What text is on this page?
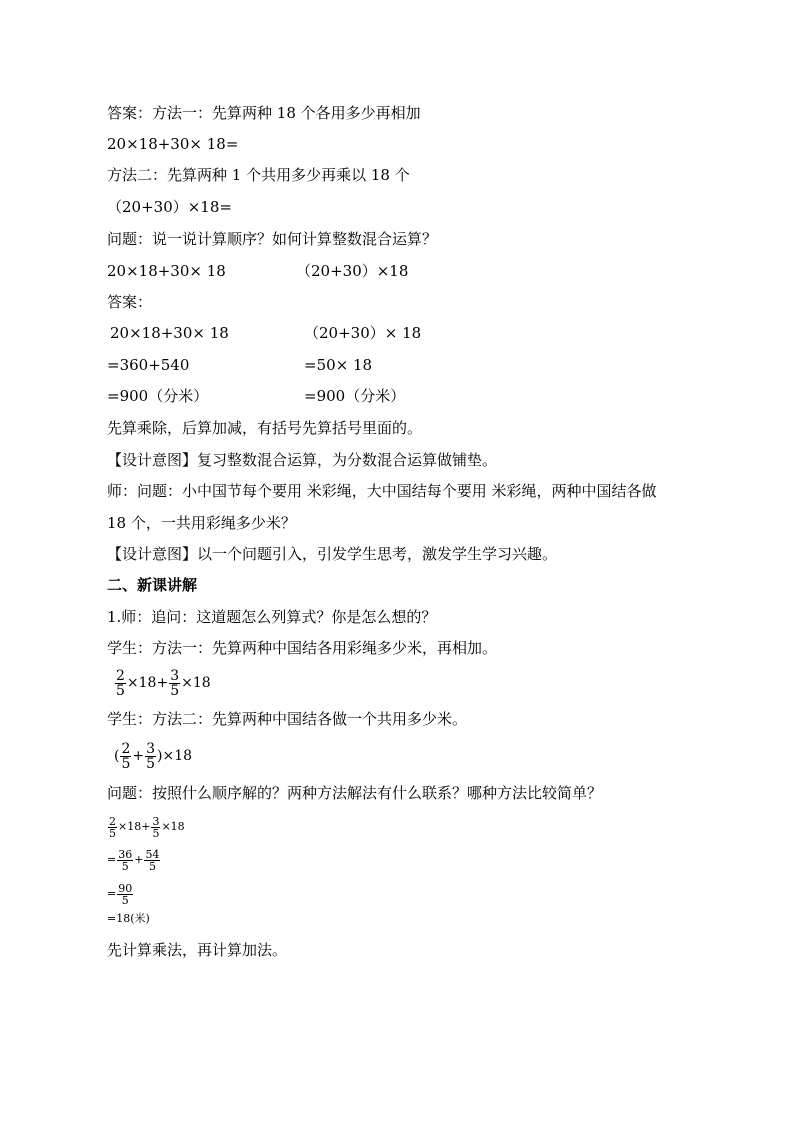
答案：方法一：先算两种 18 个各用多少再相加
20×18+30× 18=
方法二：先算两种 1 个共用多少再乘以 18 个
（20+30）×18=
问题：说一说计算顺序？如何计算整数混合运算？
20×18+30× 18	（20+30）×18
答案：
20×18+30× 18	（20+30）× 18
=360+540	=50× 18
=900（分米）	=900（分米）
先算乘除，后算加减，有括号先算括号里面的。
【设计意图】复习整数混合运算，为分数混合运算做铺垫。
师：问题：小中国节每个要用 米彩绳，大中国结每个要用 米彩绳，两种中国结各做
18 个，一共用彩绳多少米？
【设计意图】以一个问题引入，引发学生思考，激发学生学习兴趣。
二、新课讲解
1.师：追问：这道题怎么列算式？你是怎么想的？
学生：方法一：先算两种中国结各用彩绳多少米，再相加。
$\frac{2}{5} \times 18+ \frac{3}{5} \times 18$
学生：方法二：先算两种中国结各做一个共用多少米。
( $\frac{2}{5} + \frac{3}{5} )\times 18$
问题：按照什么顺序解的？两种方法解法有什么联系？哪种方法比较简单？
$\frac{2}{5} \times 18+ \frac{3}{5} \times 18$
= $\frac{36}{5} + \frac{54}{5}$
= $\frac{90}{5}$
=18(米)
先计算乘法，再计算加法。
